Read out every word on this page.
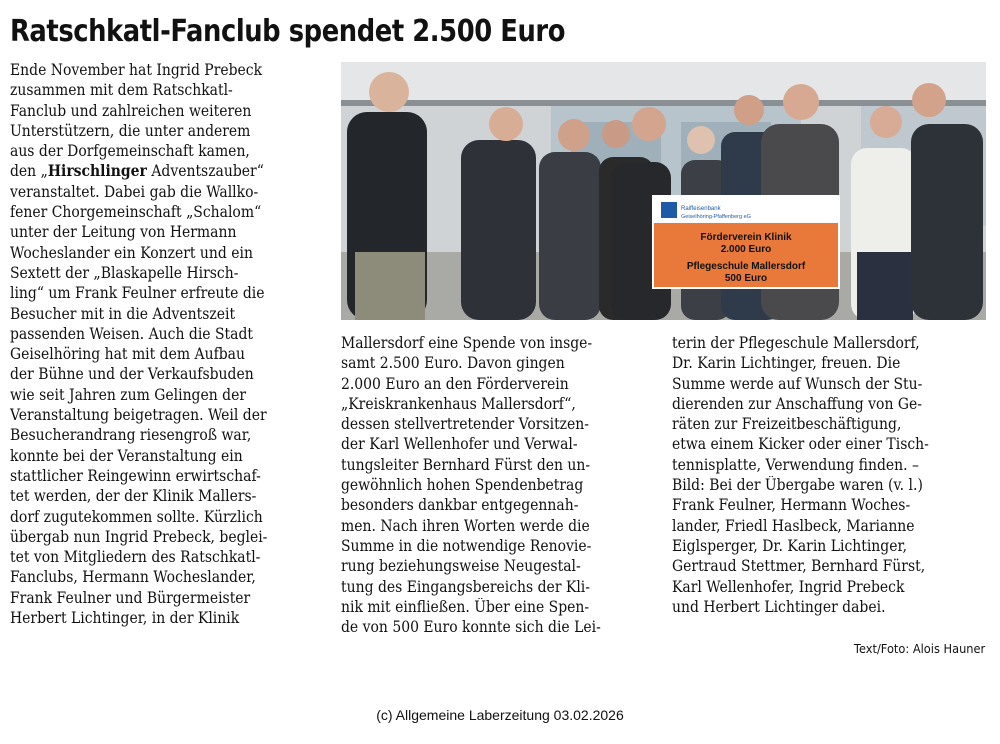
Ratschkatl-Fanclub spendet 2.500 Euro
Ende November hat Ingrid Prebeck
zusammen mit dem Ratschkatl-
Fanclub und zahlreichen weiteren
Unterstützern, die unter anderem
aus der Dorfgemeinschaft kamen,
den „Hirschlinger Adventszauber“
veranstaltet. Dabei gab die Wallko-
fener Chorgemeinschaft „Schalom“
unter der Leitung von Hermann
Wocheslander ein Konzert und ein
Sextett der „Blaskapelle Hirsch-
ling“ um Frank Feulner erfreute die
Besucher mit in die Adventszeit
passenden Weisen. Auch die Stadt
Geiselhöring hat mit dem Aufbau
der Bühne und der Verkaufsbuden
wie seit Jahren zum Gelingen der
Veranstaltung beigetragen. Weil der
Besucherandrang riesengroß war,
konnte bei der Veranstaltung ein
stattlicher Reingewinn erwirtschaf-
tet werden, der der Klinik Mallers-
dorf zugutekommen sollte. Kürzlich
übergab nun Ingrid Prebeck, beglei-
tet von Mitgliedern des Ratschkatl-
Fanclubs, Hermann Wocheslander,
Frank Feulner und Bürgermeister
Herbert Lichtinger, in der Klinik
Raiffeisenbank
Geiselhöring-Pfaffenberg eG
Förderverein Klinik
2.000 Euro
Pflegeschule Mallersdorf
500 Euro
Mallersdorf eine Spende von insge-
samt 2.500 Euro. Davon gingen
2.000 Euro an den Förderverein
„Kreiskrankenhaus Mallersdorf“,
dessen stellvertretender Vorsitzen-
der Karl Wellenhofer und Verwal-
tungsleiter Bernhard Fürst den un-
gewöhnlich hohen Spendenbetrag
besonders dankbar entgegennah-
men. Nach ihren Worten werde die
Summe in die notwendige Renovie-
rung beziehungsweise Neugestal-
tung des Eingangsbereichs der Kli-
nik mit einfließen. Über eine Spen-
de von 500 Euro konnte sich die Lei-
terin der Pflegeschule Mallersdorf,
Dr. Karin Lichtinger, freuen. Die
Summe werde auf Wunsch der Stu-
dierenden zur Anschaffung von Ge-
räten zur Freizeitbeschäftigung,
etwa einem Kicker oder einer Tisch-
tennisplatte, Verwendung finden. –
Bild: Bei der Übergabe waren (v. l.)
Frank Feulner, Hermann Woches-
lander, Friedl Haslbeck, Marianne
Eiglsperger, Dr. Karin Lichtinger,
Gertraud Stettmer, Bernhard Fürst,
Karl Wellenhofer, Ingrid Prebeck
und Herbert Lichtinger dabei.
Text/Foto: Alois Hauner
(c) Allgemeine Laberzeitung 03.02.2026
